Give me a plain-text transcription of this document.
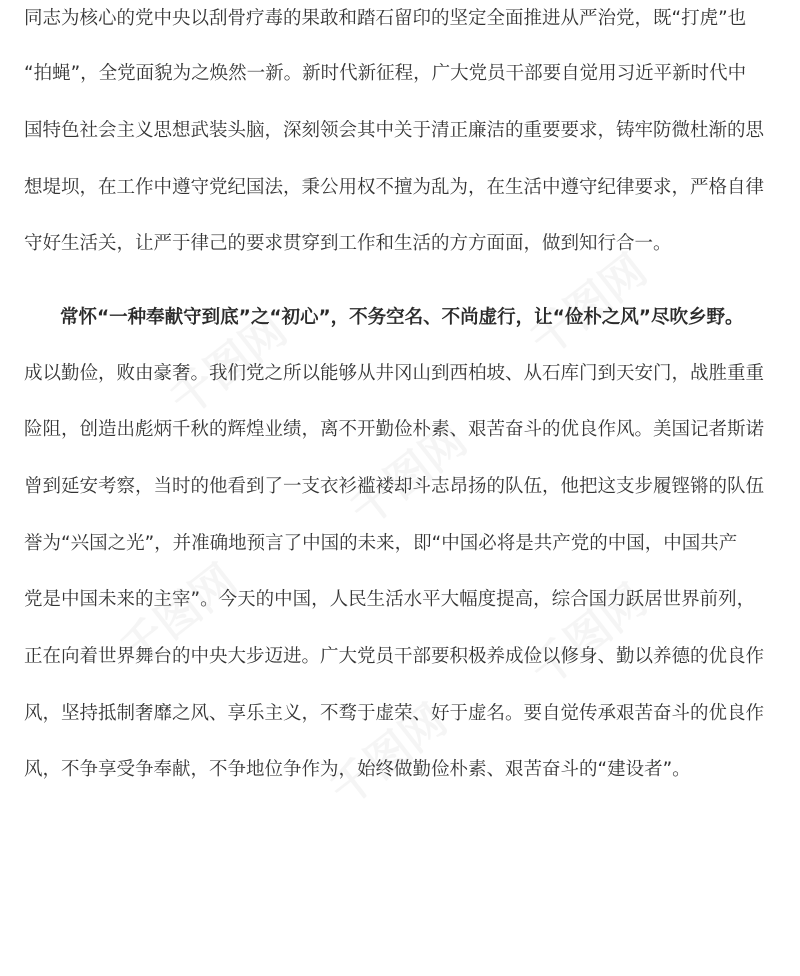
千图网
千图网
千图网
千图网	千图网
千图网
同志为核心的党中央以刮骨疗毒的果敢和踏石留印的坚定全面推进从严治党，既“打虎”也
“拍蝇”，全党面貌为之焕然一新。新时代新征程，广大党员干部要自觉用习近平新时代中
国特色社会主义思想武装头脑，深刻领会其中关于清正廉洁的重要要求，铸牢防微杜渐的思
想堤坝，在工作中遵守党纪国法，秉公用权不擅为乱为，在生活中遵守纪律要求，严格自律
守好生活关，让严于律己的要求贯穿到工作和生活的方方面面，做到知行合一。
常怀“一种奉献守到底”之“初心”，不务空名、不尚虚行，让“俭朴之风”尽吹乡野。
成以勤俭，败由豪奢。我们党之所以能够从井冈山到西柏坡、从石库门到天安门，战胜重重
险阻，创造出彪炳千秋的辉煌业绩，离不开勤俭朴素、艰苦奋斗的优良作风。美国记者斯诺
曾到延安考察，当时的他看到了一支衣衫褴褛却斗志昂扬的队伍，他把这支步履铿锵的队伍
誉为“兴国之光”，并准确地预言了中国的未来，即“中国必将是共产党的中国，中国共产
党是中国未来的主宰”。今天的中国，人民生活水平大幅度提高，综合国力跃居世界前列，
正在向着世界舞台的中央大步迈进。广大党员干部要积极养成俭以修身、勤以养德的优良作
风，坚持抵制奢靡之风、享乐主义，不骛于虚荣、好于虚名。要自觉传承艰苦奋斗的优良作
风，不争享受争奉献，不争地位争作为，始终做勤俭朴素、艰苦奋斗的“建设者”。
